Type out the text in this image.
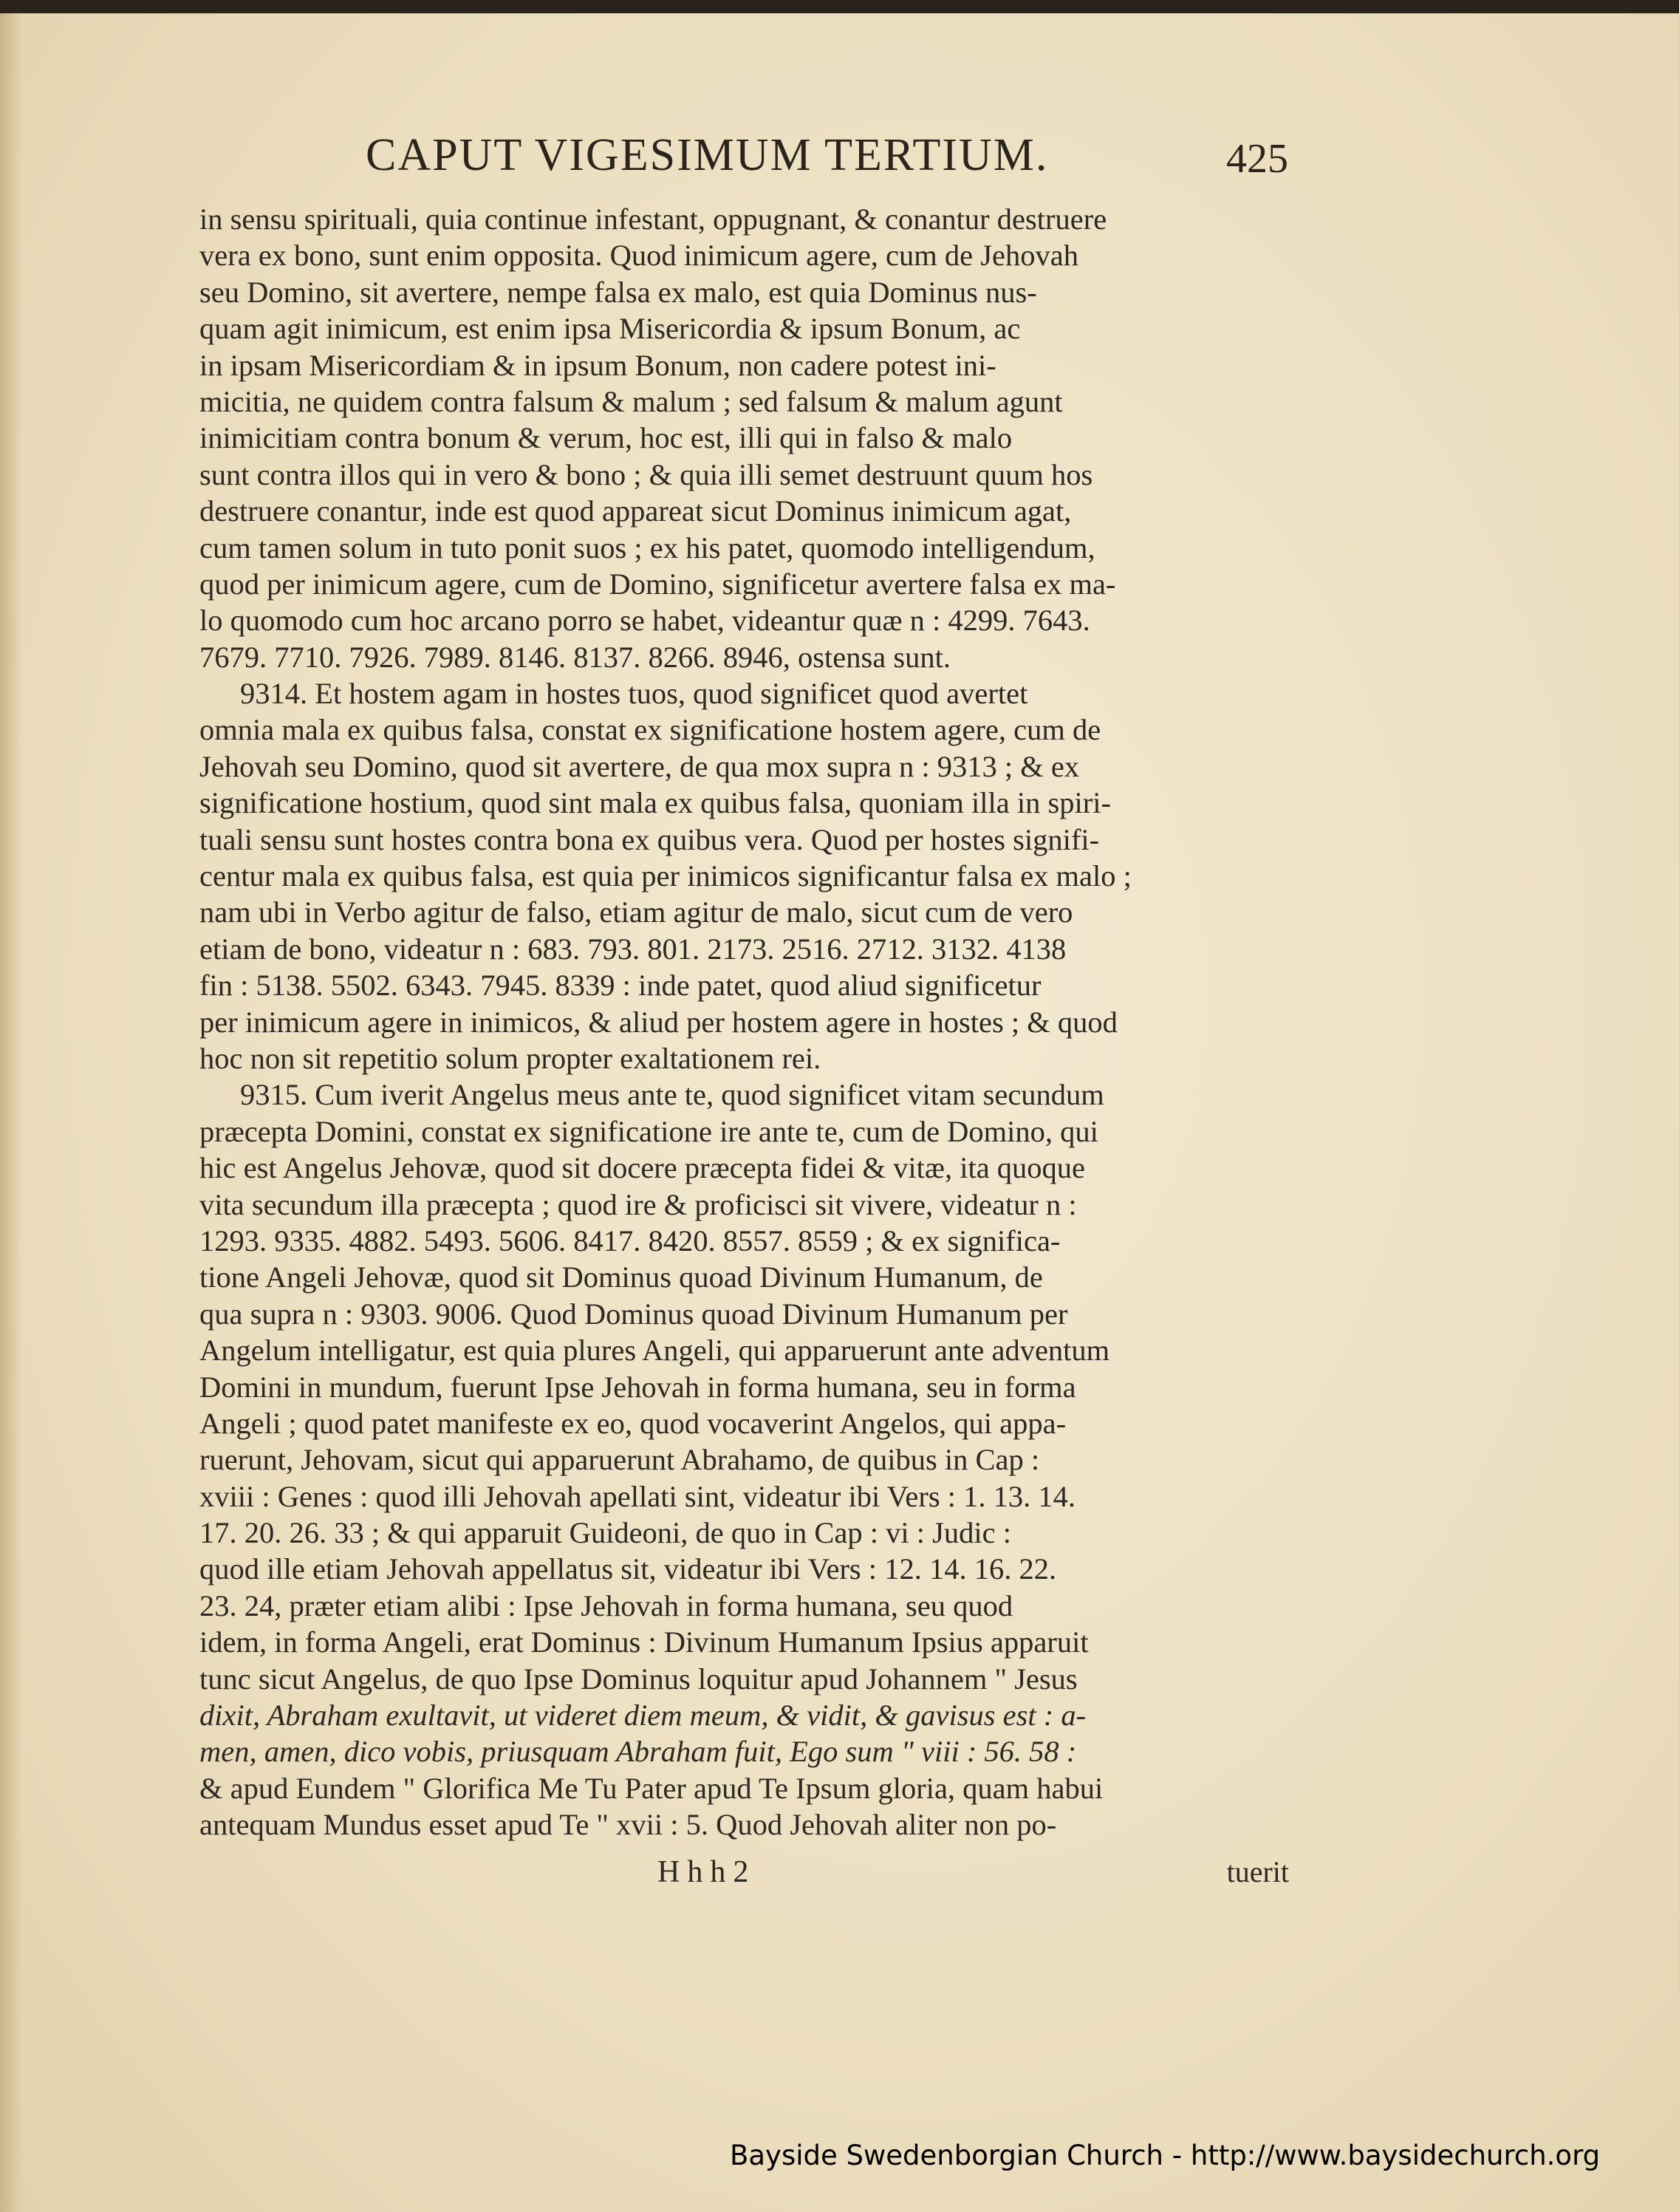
CAPUT VIGESIMUM TERTIUM.	425
in sensu spirituali, quia continue infestant, oppugnant, & conantur destruere
vera ex bono, sunt enim opposita. Quod inimicum agere, cum de Jehovah
seu Domino, sit avertere, nempe falsa ex malo, est quia Dominus nus-
quam agit inimicum, est enim ipsa Misericordia & ipsum Bonum, ac
in ipsam Misericordiam & in ipsum Bonum, non cadere potest ini-
micitia, ne quidem contra falsum & malum ; sed falsum & malum agunt
inimicitiam contra bonum & verum, hoc est, illi qui in falso & malo
sunt contra illos qui in vero & bono ; & quia illi semet destruunt quum hos
destruere conantur, inde est quod appareat sicut Dominus inimicum agat,
cum tamen solum in tuto ponit suos ; ex his patet, quomodo intelligendum,
quod per inimicum agere, cum de Domino, significetur avertere falsa ex ma-
lo quomodo cum hoc arcano porro se habet, videantur quæ n : 4299. 7643.
7679. 7710. 7926. 7989. 8146. 8137. 8266. 8946, ostensa sunt.
9314. Et hostem agam in hostes tuos, quod significet quod avertet
omnia mala ex quibus falsa, constat ex significatione hostem agere, cum de
Jehovah seu Domino, quod sit avertere, de qua mox supra n : 9313 ; & ex
significatione hostium, quod sint mala ex quibus falsa, quoniam illa in spiri-
tuali sensu sunt hostes contra bona ex quibus vera. Quod per hostes signifi-
centur mala ex quibus falsa, est quia per inimicos significantur falsa ex malo ;
nam ubi in Verbo agitur de falso, etiam agitur de malo, sicut cum de vero
etiam de bono, videatur n : 683. 793. 801. 2173. 2516. 2712. 3132. 4138
fin : 5138. 5502. 6343. 7945. 8339 : inde patet, quod aliud significetur
per inimicum agere in inimicos, & aliud per hostem agere in hostes ; & quod
hoc non sit repetitio solum propter exaltationem rei.
9315. Cum iverit Angelus meus ante te, quod significet vitam secundum
præcepta Domini, constat ex significatione ire ante te, cum de Domino, qui
hic est Angelus Jehovæ, quod sit docere præcepta fidei & vitæ, ita quoque
vita secundum illa præcepta ; quod ire & proficisci sit vivere, videatur n :
1293. 9335. 4882. 5493. 5606. 8417. 8420. 8557. 8559 ; & ex significa-
tione Angeli Jehovæ, quod sit Dominus quoad Divinum Humanum, de
qua supra n : 9303. 9006. Quod Dominus quoad Divinum Humanum per
Angelum intelligatur, est quia plures Angeli, qui apparuerunt ante adventum
Domini in mundum, fuerunt Ipse Jehovah in forma humana, seu in forma
Angeli ; quod patet manifeste ex eo, quod vocaverint Angelos, qui appa-
ruerunt, Jehovam, sicut qui apparuerunt Abrahamo, de quibus in Cap :
xviii : Genes : quod illi Jehovah apellati sint, videatur ibi Vers : 1. 13. 14.
17. 20. 26. 33 ; & qui apparuit Guideoni, de quo in Cap : vi : Judic :
quod ille etiam Jehovah appellatus sit, videatur ibi Vers : 12. 14. 16. 22.
23. 24, præter etiam alibi : Ipse Jehovah in forma humana, seu quod
idem, in forma Angeli, erat Dominus : Divinum Humanum Ipsius apparuit
tunc sicut Angelus, de quo Ipse Dominus loquitur apud Johannem " Jesus
dixit, Abraham exultavit, ut videret diem meum, & vidit, & gavisus est : a-
men, amen, dico vobis, priusquam Abraham fuit, Ego sum " viii : 56. 58 :
& apud Eundem " Glorifica Me Tu Pater apud Te Ipsum gloria, quam habui
antequam Mundus esset apud Te " xvii : 5. Quod Jehovah aliter non po-
Hhh2	tuerit
Bayside Swedenborgian Church - http://www.baysidechurch.org
